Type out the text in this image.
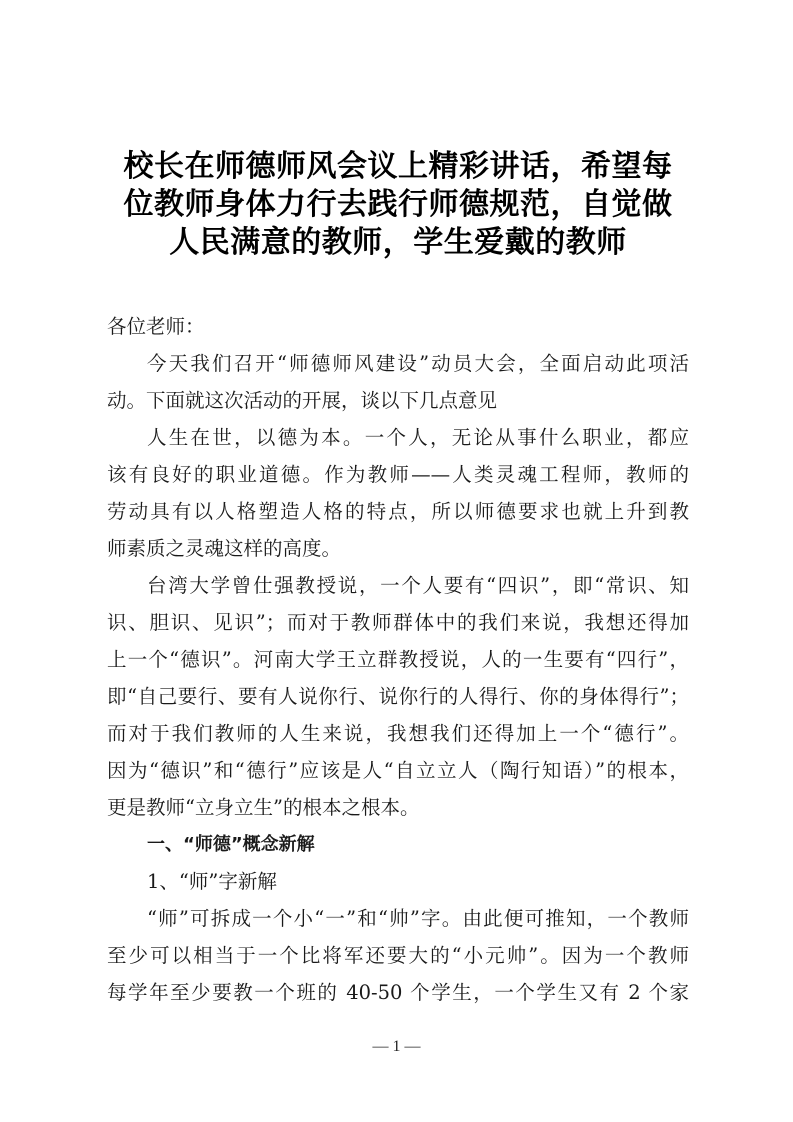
校长在师德师风会议上精彩讲话，希望每
位教师身体力行去践行师德规范，自觉做
人民满意的教师，学生爱戴的教师
各位老师：
今天我们召开“师德师风建设”动员大会，全面启动此项活
动。下面就这次活动的开展，谈以下几点意见
人生在世，以德为本。一个人，无论从事什么职业，都应
该有良好的职业道德。作为教师——人类灵魂工程师，教师的
劳动具有以人格塑造人格的特点，所以师德要求也就上升到教
师素质之灵魂这样的高度。
台湾大学曾仕强教授说，一个人要有“四识”，即“常识、知
识、胆识、见识”；而对于教师群体中的我们来说，我想还得加
上一个“德识”。河南大学王立群教授说，人的一生要有“四行”，
即“自己要行、要有人说你行、说你行的人得行、你的身体得行”；
而对于我们教师的人生来说，我想我们还得加上一个“德行”。
因为“德识”和“德行”应该是人“自立立人（陶行知语）”的根本，
更是教师“立身立生”的根本之根本。
一、“师德”概念新解
1、“师”字新解
“师”可拆成一个小“一”和“帅”字。由此便可推知，一个教师
至少可以相当于一个比将军还要大的“小元帅”。因为一个教师
每学年至少要教一个班的 40-50 个学生，一个学生又有 2 个家
— 1 —
